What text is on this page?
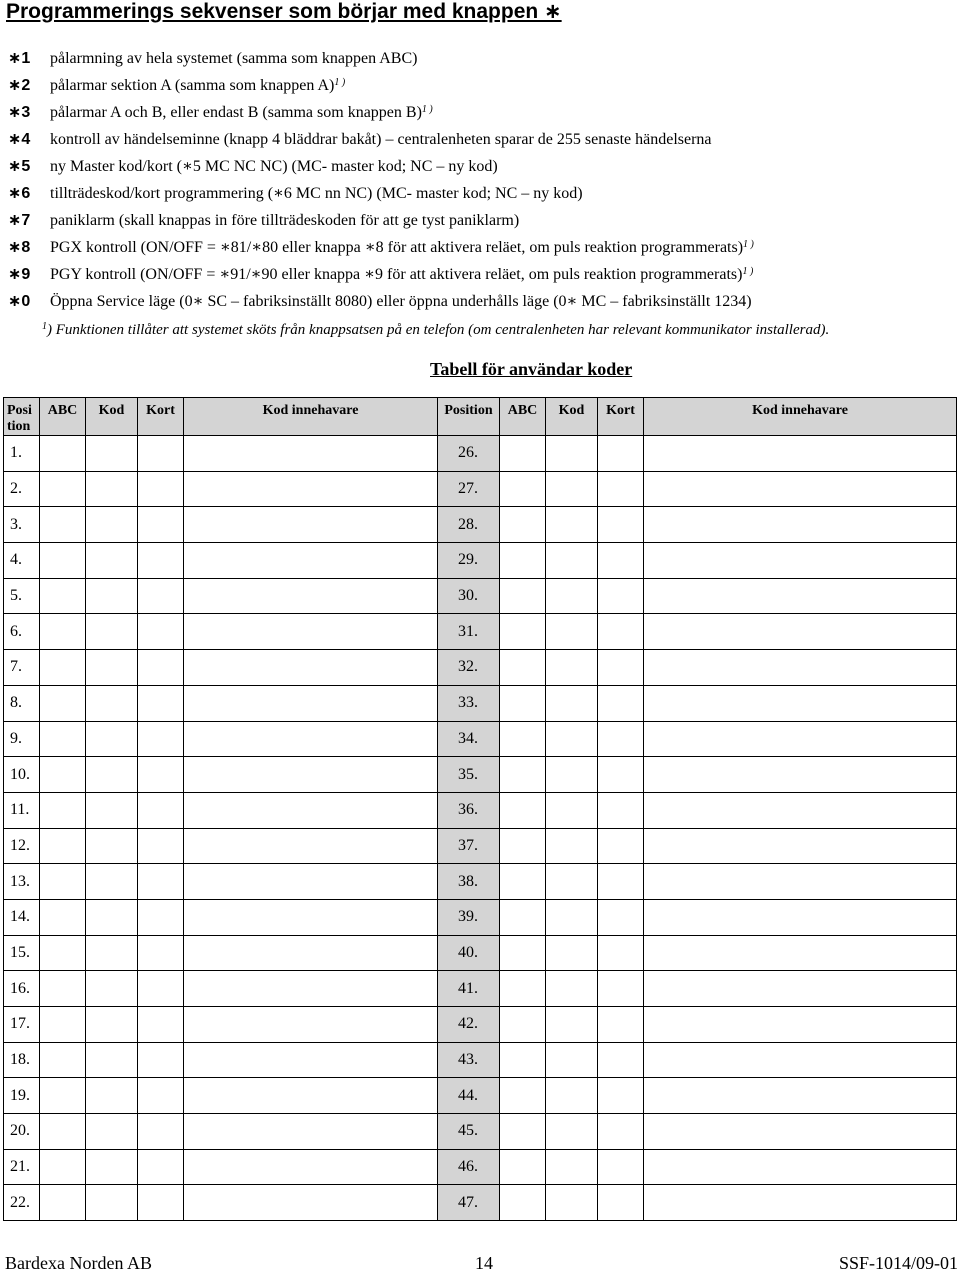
Programmerings sekvenser som börjar med knappen ∗
∗1 pålarmning av hela systemet (samma som knappen ABC)
∗2 pålarmar sektion A (samma som knappen A)$^{1 )}$
∗3 pålarmar A och B, eller endast B (samma som knappen B)$^{1 )}$
∗4 kontroll av händelseminne (knapp 4 bläddrar bakåt) – centralenheten sparar de 255 senaste händelserna
∗5 ny Master kod/kort (∗5 MC NC NC) (MC- master kod; NC – ny kod)
∗6 tillträdeskod/kort programmering (∗6 MC nn NC) (MC- master kod; NC – ny kod)
∗7 paniklarm (skall knappas in före tillträdeskoden för att ge tyst paniklarm)
∗8 PGX kontroll (ON/OFF = ∗81/∗80 eller knappa ∗8 för att aktivera reläet, om puls reaktion programmerats)$^{1 )}$
∗9 PGY kontroll (ON/OFF = ∗91/∗90 eller knappa ∗9 för att aktivera reläet, om puls reaktion programmerats)$^{1 )}$
∗0 Öppna Service läge (0∗ SC – fabriksinställt 8080) eller öppna underhålls läge (0∗ MC – fabriksinställt 1234)
$^1$) Funktionen tillåter att systemet sköts från knappsatsen på en telefon (om centralenheten har relevant kommunikator installerad).
Tabell för användar koder
Posi tion	ABC	Kod	Kort	Kod innehavare	Position	ABC	Kod	Kort	Kod innehavare
1.					26.				
2.					27.				
3.					28.				
4.					29.				
5.					30.				
6.					31.				
7.					32.				
8.					33.				
9.					34.				
10.					35.				
11.					36.				
12.					37.				
13.					38.				
14.					39.				
15.					40.				
16.					41.				
17.					42.				
18.					43.				
19.					44.				
20.					45.				
21.					46.				
22.					47.				
Bardexa Norden AB	14	SSF-1014/09-01
